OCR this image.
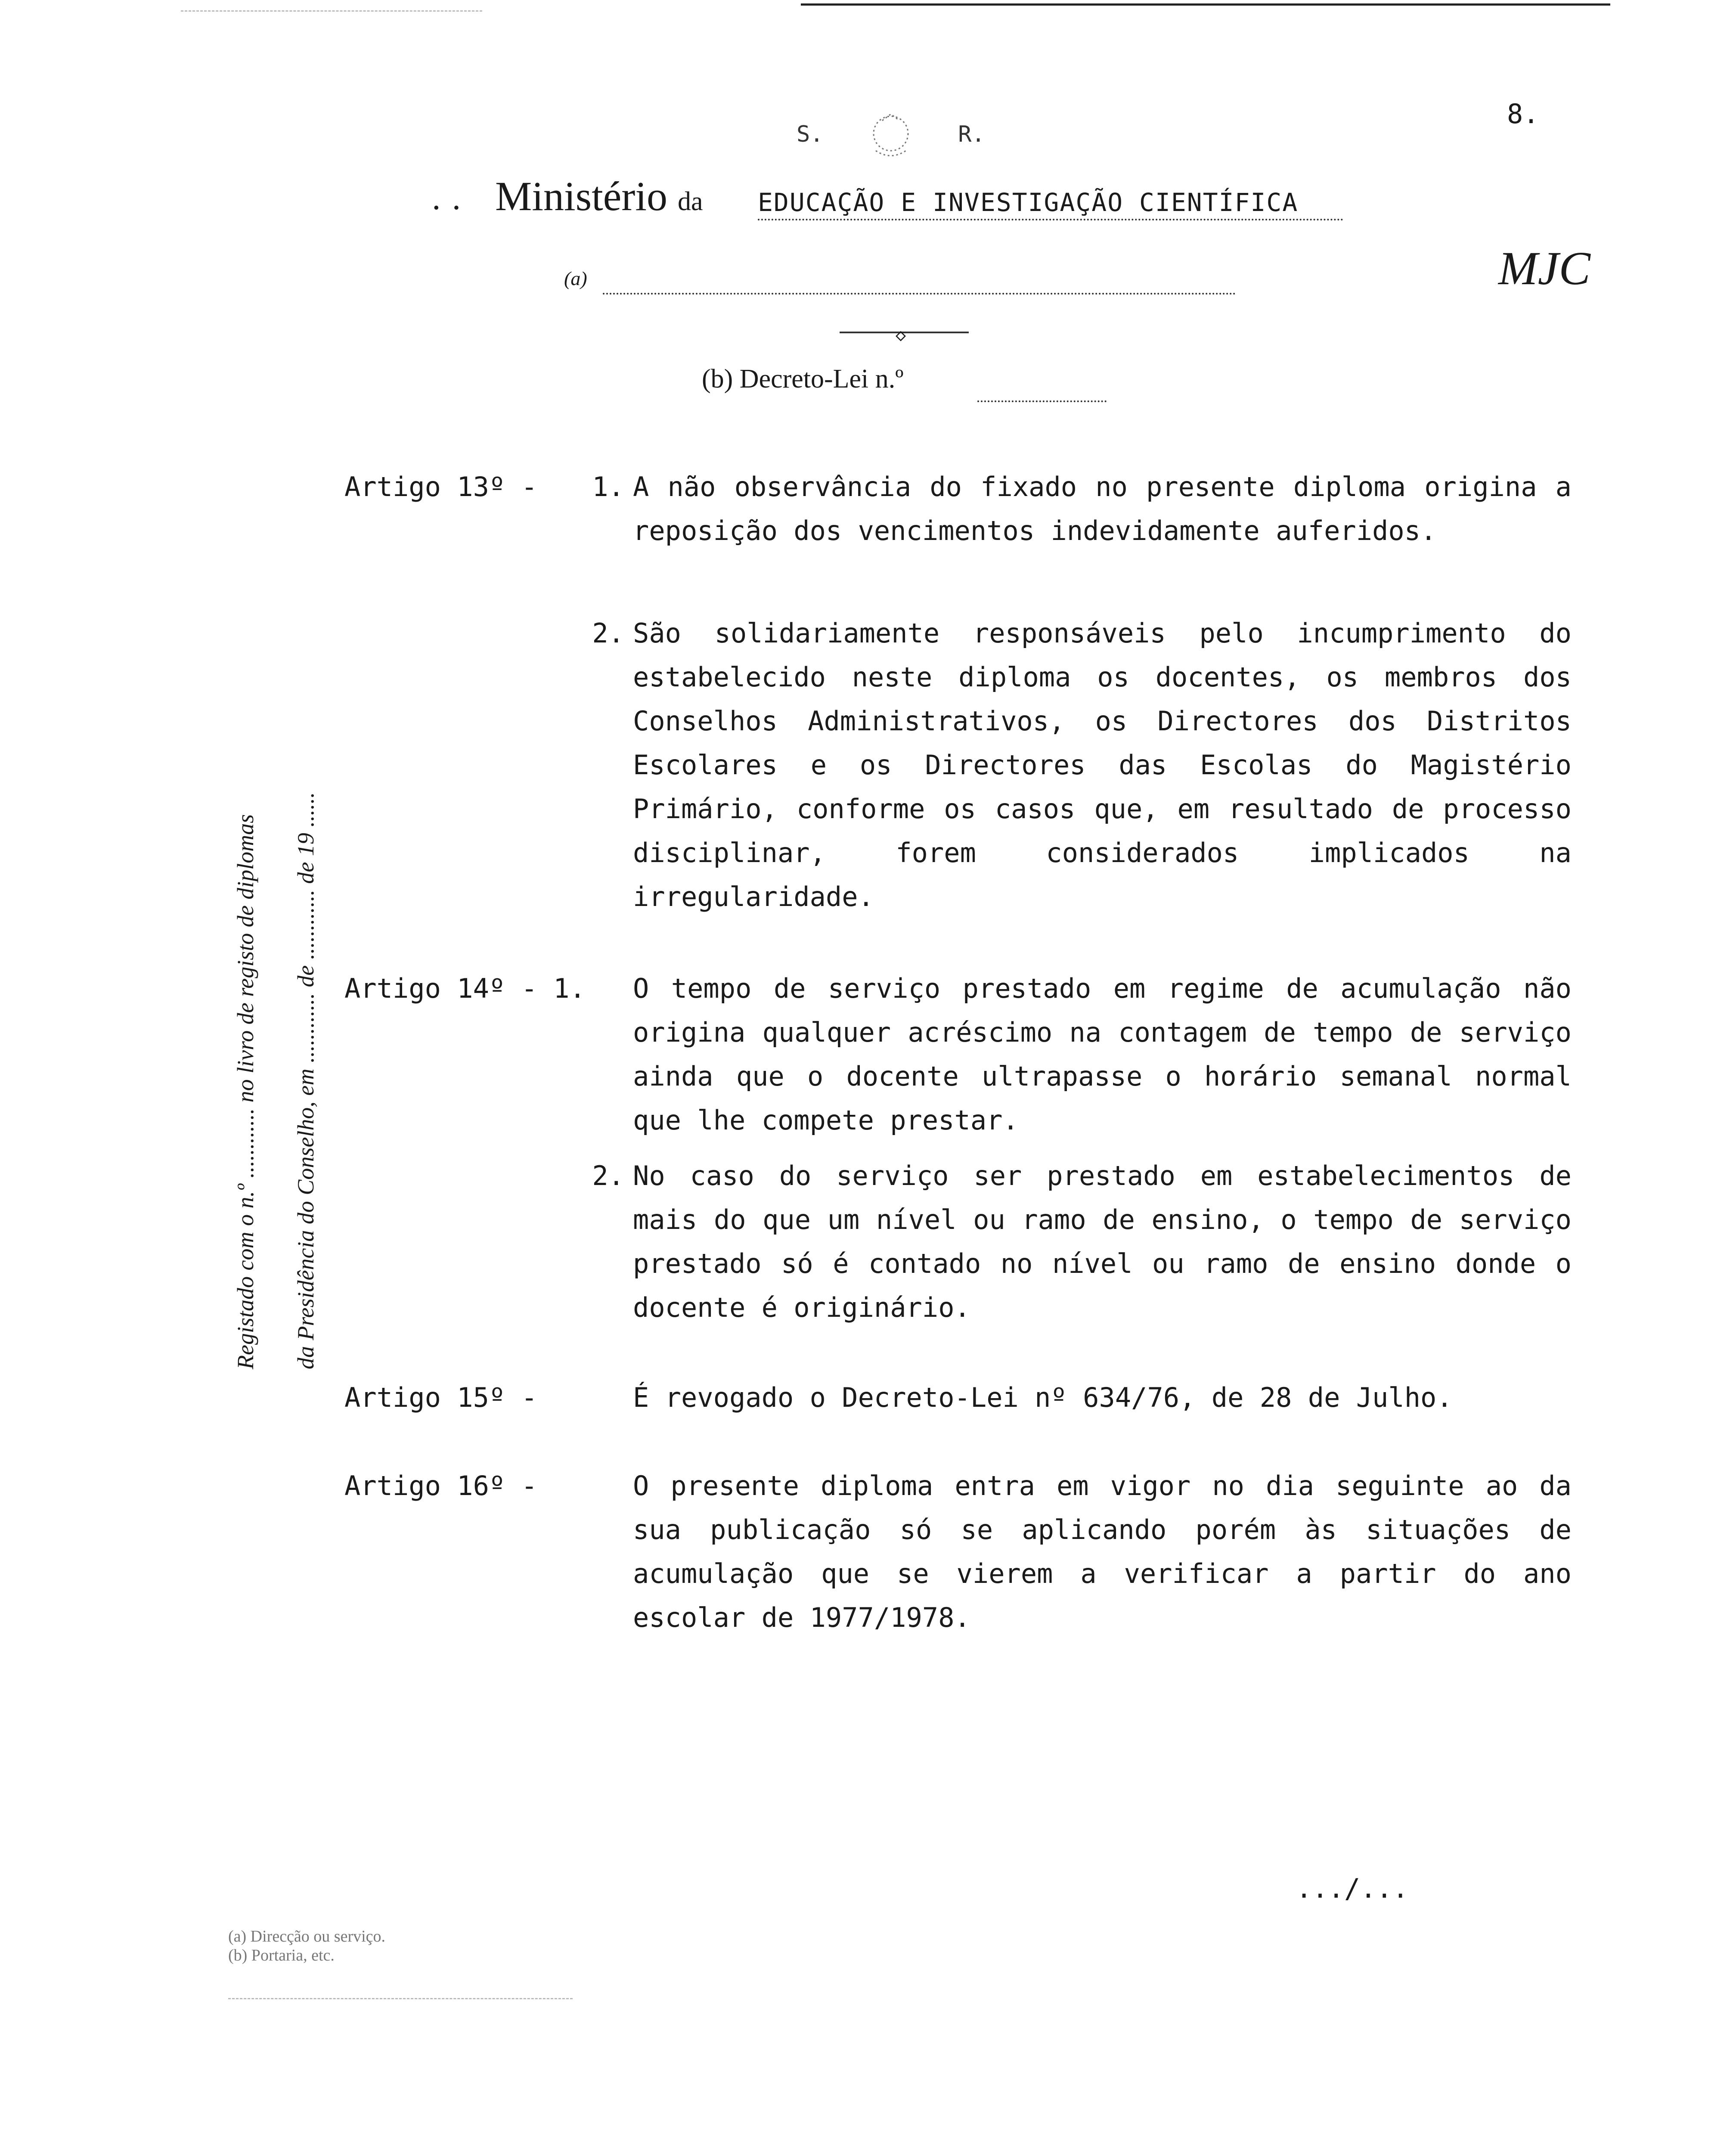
8.
S.	R.
· · Ministério da EDUCAÇÃO E INVESTIGAÇÃO CIENTÍFICA
MJC
(a)
◇
(b) Decreto-Lei n.º
Registado com o n.º ............ no livro de registo de diplomas	da Presidência do Conselho, em ............ de ............ de 19 ......
Artigo 13º -	1. A não observância do fixado no presente diploma origina a reposição dos vencimentos indevidamente auferidos.
2. São solidariamente responsáveis pelo incumprimento do estabelecido neste diploma os docentes, os membros dos Conselhos Administrativos, os Directores dos Distritos Escolares e os Directores das Escolas do Magistério Primário, conforme os casos que, em resultado de processo disciplinar, forem considerados implicados na irregularidade.
Artigo 14º - 1. O tempo de serviço prestado em regime de acumulação não origina qualquer acréscimo na contagem de tempo de serviço ainda que o docente ultrapasse o horário semanal normal que lhe compete prestar.
2. No caso do serviço ser prestado em estabelecimentos de mais do que um nível ou ramo de ensino, o tempo de serviço prestado só é contado no nível ou ramo de ensino donde o docente é originário.
Artigo 15º -	É revogado o Decreto-Lei nº 634/76, de 28 de Julho.
Artigo 16º -	O presente diploma entra em vigor no dia seguinte ao da sua publicação só se aplicando porém às situações de acumulação que se vierem a verificar a partir do ano escolar de 1977/1978.
.../...
(a) Direcção ou serviço.
(b) Portaria, etc.
